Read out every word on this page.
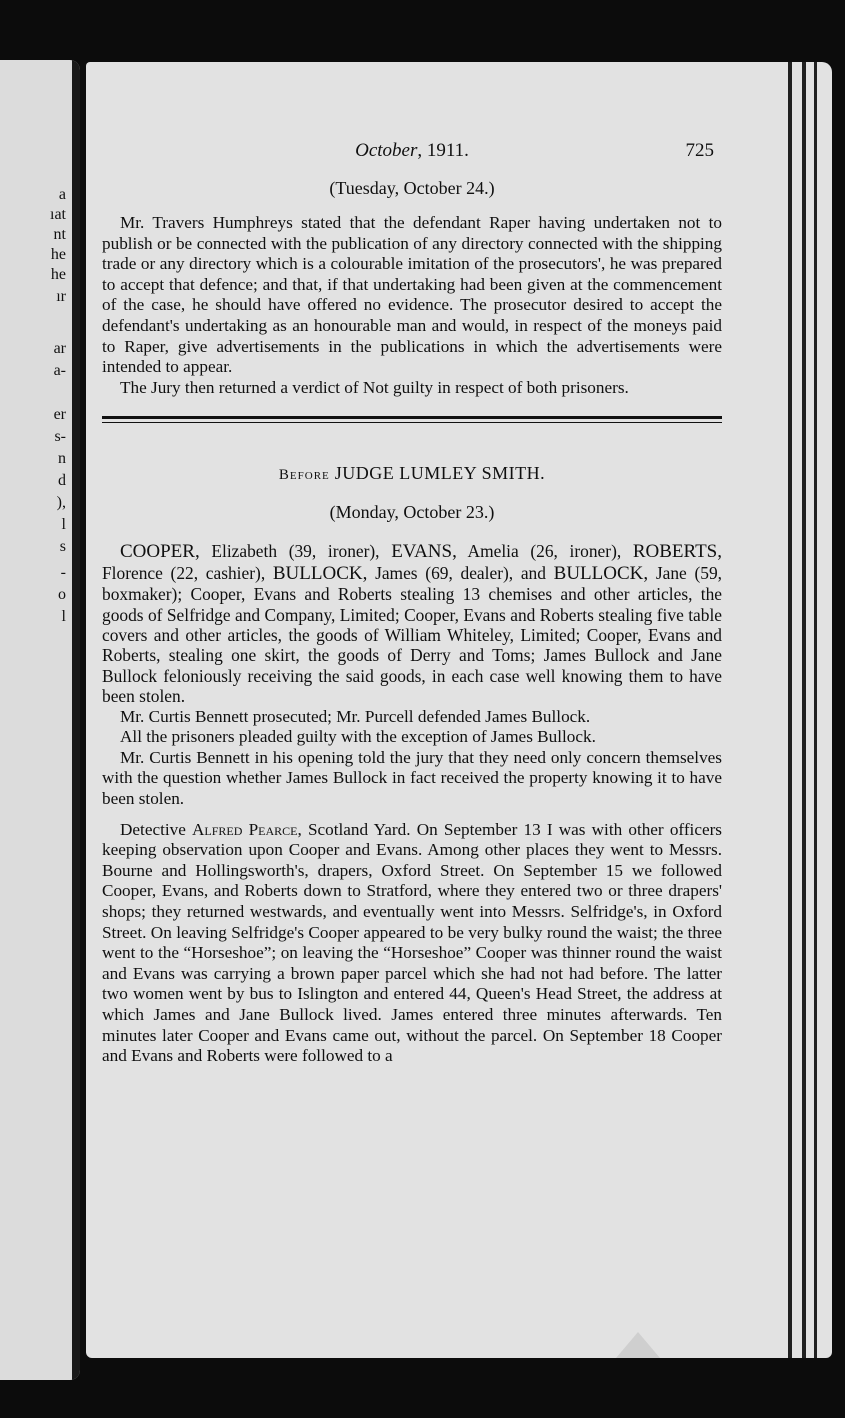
a
ıat
nt
he
he
ır
ar
a-
er
s-
n
d
),
l
s
-
o
l
October, 1911.	725
(Tuesday, October 24.)

Mr. Travers Humphreys stated that the defendant Raper having undertaken not to publish or be connected with the publication of any directory connected with the shipping trade or any directory which is a colourable imitation of the prosecutors', he was prepared to accept that defence; and that, if that undertaking had been given at the commencement of the case, he should have offered no evidence. The prosecutor desired to accept the defendant's undertaking as an honourable man and would, in respect of the moneys paid to Raper, give advertisements in the publications in which the advertisements were intended to appear.

The Jury then returned a verdict of Not guilty in respect of both prisoners.

Before JUDGE LUMLEY SMITH.
(Monday, October 23.)

COOPER, Elizabeth (39, ironer), EVANS, Amelia (26, ironer), ROBERTS, Florence (22, cashier), BULLOCK, James (69, dealer), and BULLOCK, Jane (59, boxmaker); Cooper, Evans and Roberts stealing 13 chemises and other articles, the goods of Selfridge and Company, Limited; Cooper, Evans and Roberts stealing five table covers and other articles, the goods of William Whiteley, Limited; Cooper, Evans and Roberts, stealing one skirt, the goods of Derry and Toms; James Bullock and Jane Bullock feloniously receiving the said goods, in each case well knowing them to have been stolen.

Mr. Curtis Bennett prosecuted; Mr. Purcell defended James Bullock.

All the prisoners pleaded guilty with the exception of James Bullock.

Mr. Curtis Bennett in his opening told the jury that they need only concern themselves with the question whether James Bullock in fact received the property knowing it to have been stolen.

Detective Alfred Pearce, Scotland Yard. On September 13 I was with other officers keeping observation upon Cooper and Evans. Among other places they went to Messrs. Bourne and Hollingsworth's, drapers, Oxford Street. On September 15 we followed Cooper, Evans, and Roberts down to Stratford, where they entered two or three drapers' shops; they returned westwards, and eventually went into Messrs. Selfridge's, in Oxford Street. On leaving Selfridge's Cooper appeared to be very bulky round the waist; the three went to the “Horseshoe”; on leaving the “Horseshoe” Cooper was thinner round the waist and Evans was carrying a brown paper parcel which she had not had before. The latter two women went by bus to Islington and entered 44, Queen's Head Street, the address at which James and Jane Bullock lived. James entered three minutes afterwards. Ten minutes later Cooper and Evans came out, without the parcel. On September 18 Cooper and Evans and Roberts were followed to a
